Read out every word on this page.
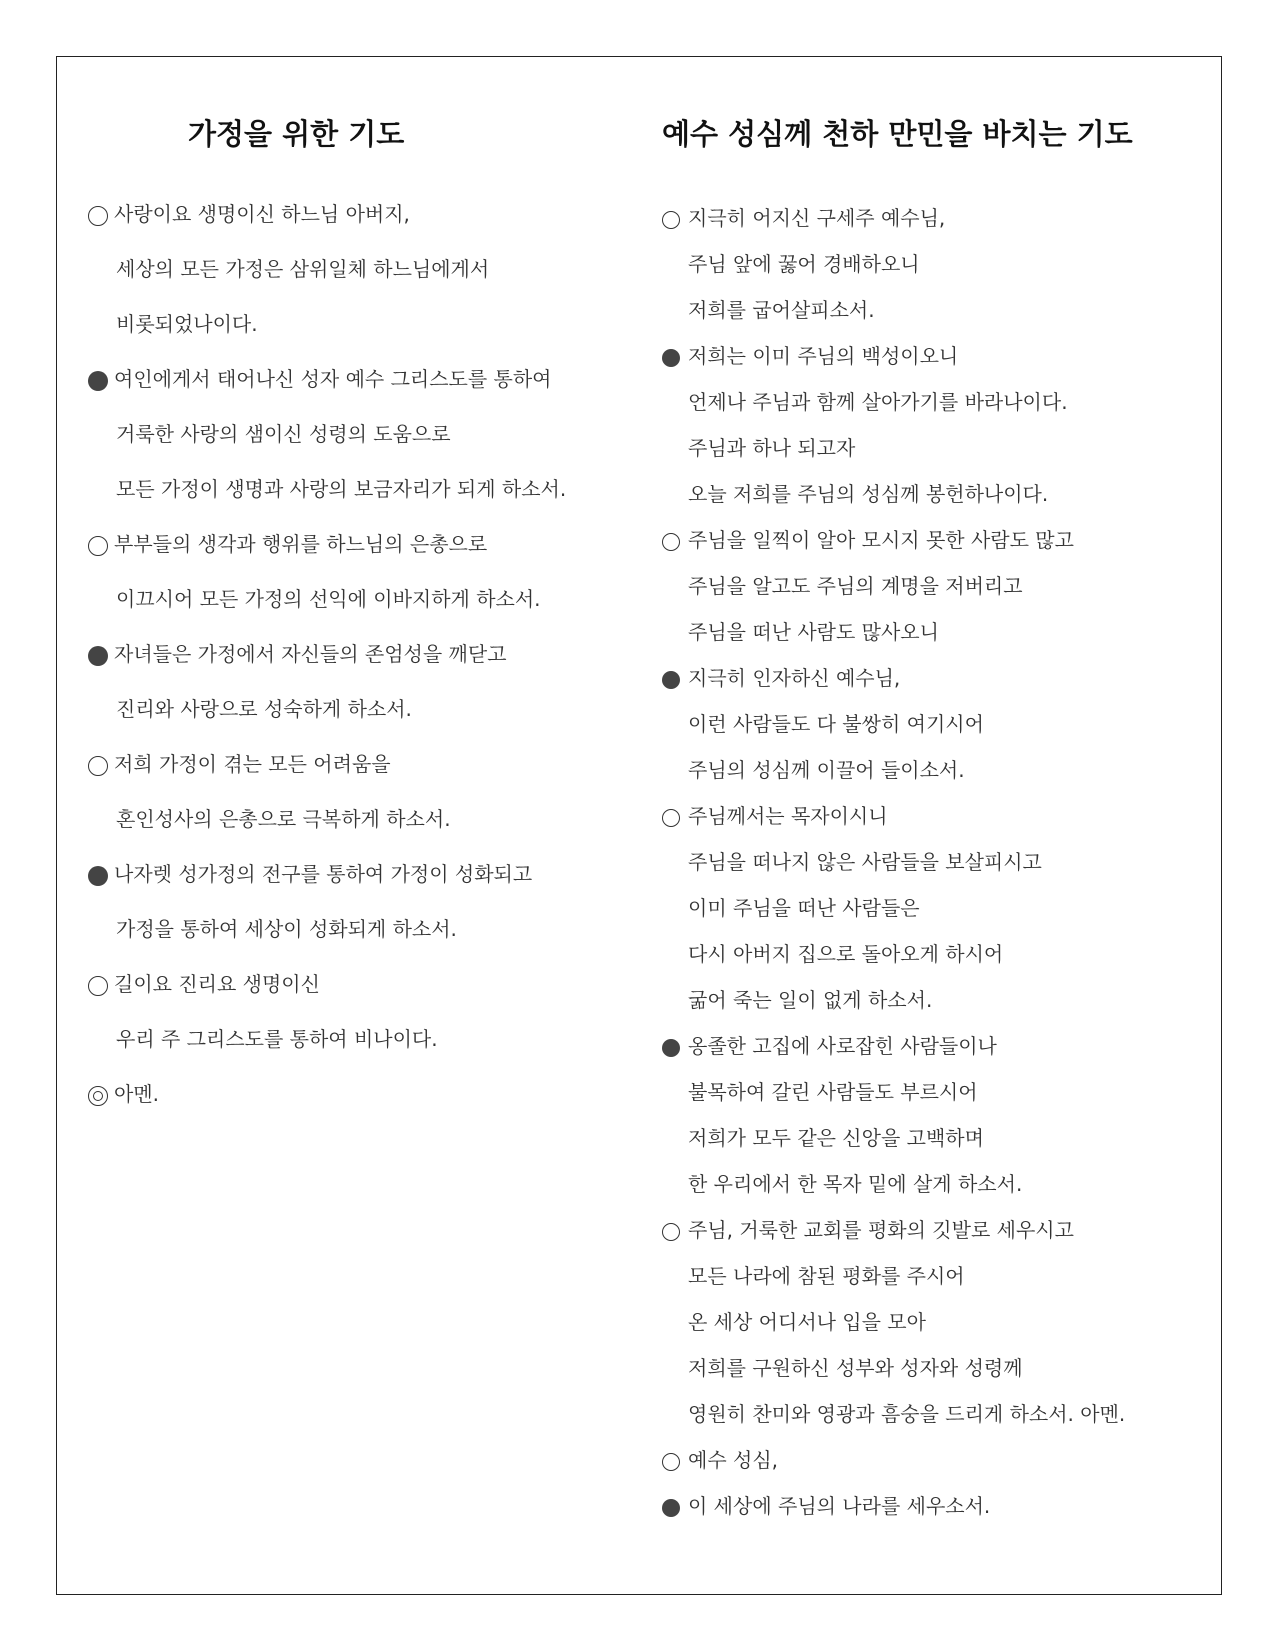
가정을 위한 기도
사랑이요 생명이신 하느님 아버지,
세상의 모든 가정은 삼위일체 하느님에게서
비롯되었나이다.
여인에게서 태어나신 성자 예수 그리스도를 통하여
거룩한 사랑의 샘이신 성령의 도움으로
모든 가정이 생명과 사랑의 보금자리가 되게 하소서.
부부들의 생각과 행위를 하느님의 은총으로
이끄시어 모든 가정의 선익에 이바지하게 하소서.
자녀들은 가정에서 자신들의 존엄성을 깨닫고
진리와 사랑으로 성숙하게 하소서.
저희 가정이 겪는 모든 어려움을
혼인성사의 은총으로 극복하게 하소서.
나자렛 성가정의 전구를 통하여 가정이 성화되고
가정을 통하여 세상이 성화되게 하소서.
길이요 진리요 생명이신
우리 주 그리스도를 통하여 비나이다.
아멘.
예수 성심께 천하 만민을 바치는 기도
지극히 어지신 구세주 예수님,
주님 앞에 꿇어 경배하오니
저희를 굽어살피소서.
저희는 이미 주님의 백성이오니
언제나 주님과 함께 살아가기를 바라나이다.
주님과 하나 되고자
오늘 저희를 주님의 성심께 봉헌하나이다.
주님을 일찍이 알아 모시지 못한 사람도 많고
주님을 알고도 주님의 계명을 저버리고
주님을 떠난 사람도 많사오니
지극히 인자하신 예수님,
이런 사람들도 다 불쌍히 여기시어
주님의 성심께 이끌어 들이소서.
주님께서는 목자이시니
주님을 떠나지 않은 사람들을 보살피시고
이미 주님을 떠난 사람들은
다시 아버지 집으로 돌아오게 하시어
굶어 죽는 일이 없게 하소서.
옹졸한 고집에 사로잡힌 사람들이나
불목하여 갈린 사람들도 부르시어
저희가 모두 같은 신앙을 고백하며
한 우리에서 한 목자 밑에 살게 하소서.
주님, 거룩한 교회를 평화의 깃발로 세우시고
모든 나라에 참된 평화를 주시어
온 세상 어디서나 입을 모아
저희를 구원하신 성부와 성자와 성령께
영원히 찬미와 영광과 흠숭을 드리게 하소서. 아멘.
예수 성심,
이 세상에 주님의 나라를 세우소서.
